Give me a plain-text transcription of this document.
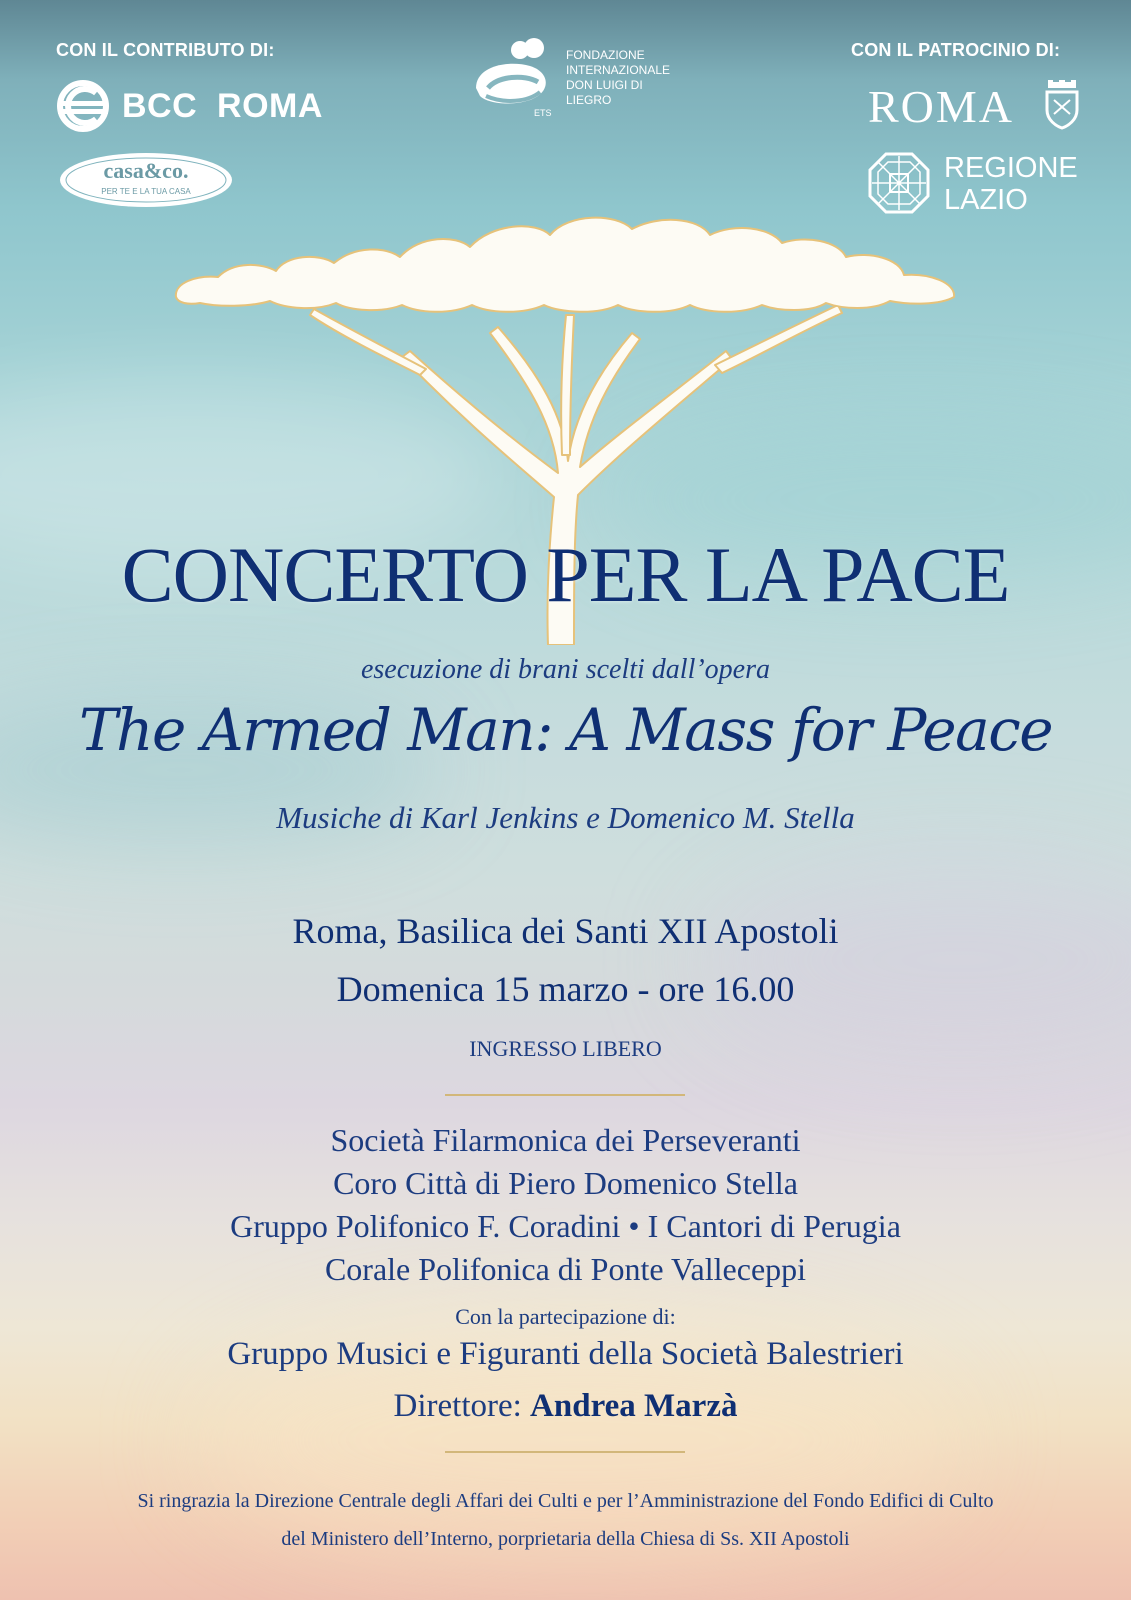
CON IL CONTRIBUTO DI:	CON IL PATROCINIO DI:
BCC  ROMA
casa&co.
PER TE E LA TUA CASA
ETS
FONDAZIONE
INTERNAZIONALE
DON LUIGI DI LIEGRO	ROMA
REGIONE
LAZIO
CONCERTO PER LA PACE
esecuzione di brani scelti dall’opera
The Armed Man: A Mass for Peace
Musiche di Karl Jenkins e Domenico M. Stella
Roma, Basilica dei Santi XII Apostoli
Domenica 15 marzo - ore 16.00
INGRESSO LIBERO
Società Filarmonica dei Perseveranti
Coro Città di Piero Domenico Stella
Gruppo Polifonico F. Coradini • I Cantori di Perugia
Corale Polifonica di Ponte Valleceppi
Con la partecipazione di:
Gruppo Musici e Figuranti della Società Balestrieri
Direttore: Andrea Marzà
Si ringrazia la Direzione Centrale degli Affari dei Culti e per l’Amministrazione del Fondo Edifici di Culto
del Ministero dell’Interno, porprietaria della Chiesa di Ss. XII Apostoli
